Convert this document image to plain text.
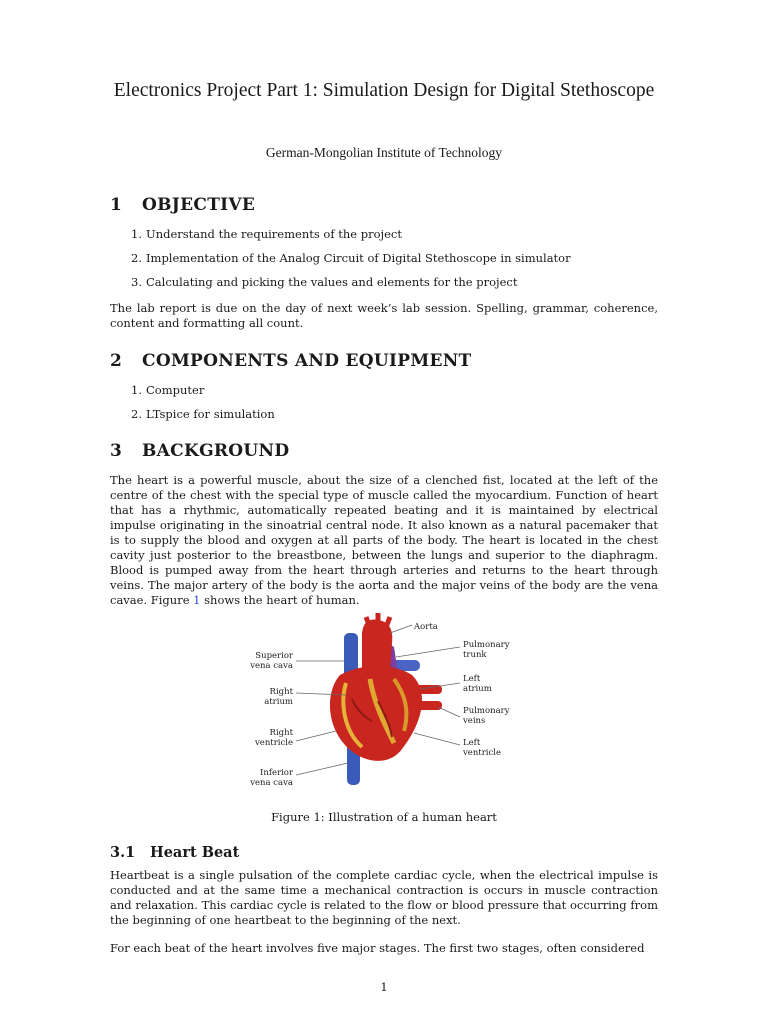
Electronics Project Part 1: Simulation Design for Digital Stethoscope
German-Mongolian Institute of Technology
1 OBJECTIVE
1. Understand the requirements of the project
2. Implementation of the Analog Circuit of Digital Stethoscope in simulator
3. Calculating and picking the values and elements for the project
The lab report is due on the day of next week’s lab session. Spelling, grammar, coherence, content and formatting all count.
2 COMPONENTS AND EQUIPMENT
1. Computer
2. LTspice for simulation
3 BACKGROUND
The heart is a powerful muscle, about the size of a clenched fist, located at the left of the centre of the chest with the special type of muscle called the myocardium. Function of heart that has a rhythmic, automatically repeated beating and it is maintained by electrical impulse originating in the sinoatrial central node. It also known as a natural pacemaker that is to supply the blood and oxygen at all parts of the body. The heart is located in the chest cavity just posterior to the breastbone, between the lungs and superior to the diaphragm. Blood is pumped away from the heart through arteries and returns to the heart through veins. The major artery of the body is the aorta and the major veins of the body are the vena cavae. Figure 1 shows the heart of human.
Aorta
Pulmonary
trunk
Superior
vena cava
Left
atrium
Right
atrium
Pulmonary
veins
Right
ventricle	Left
ventricle
Inferior
vena cava
Figure 1: Illustration of a human heart
3.1 Heart Beat
Heartbeat is a single pulsation of the complete cardiac cycle, when the electrical impulse is conducted and at the same time a mechanical contraction is occurs in muscle contraction and relaxation. This cardiac cycle is related to the flow or blood pressure that occurring from the beginning of one heartbeat to the beginning of the next.
For each beat of the heart involves five major stages. The first two stages, often considered
1
